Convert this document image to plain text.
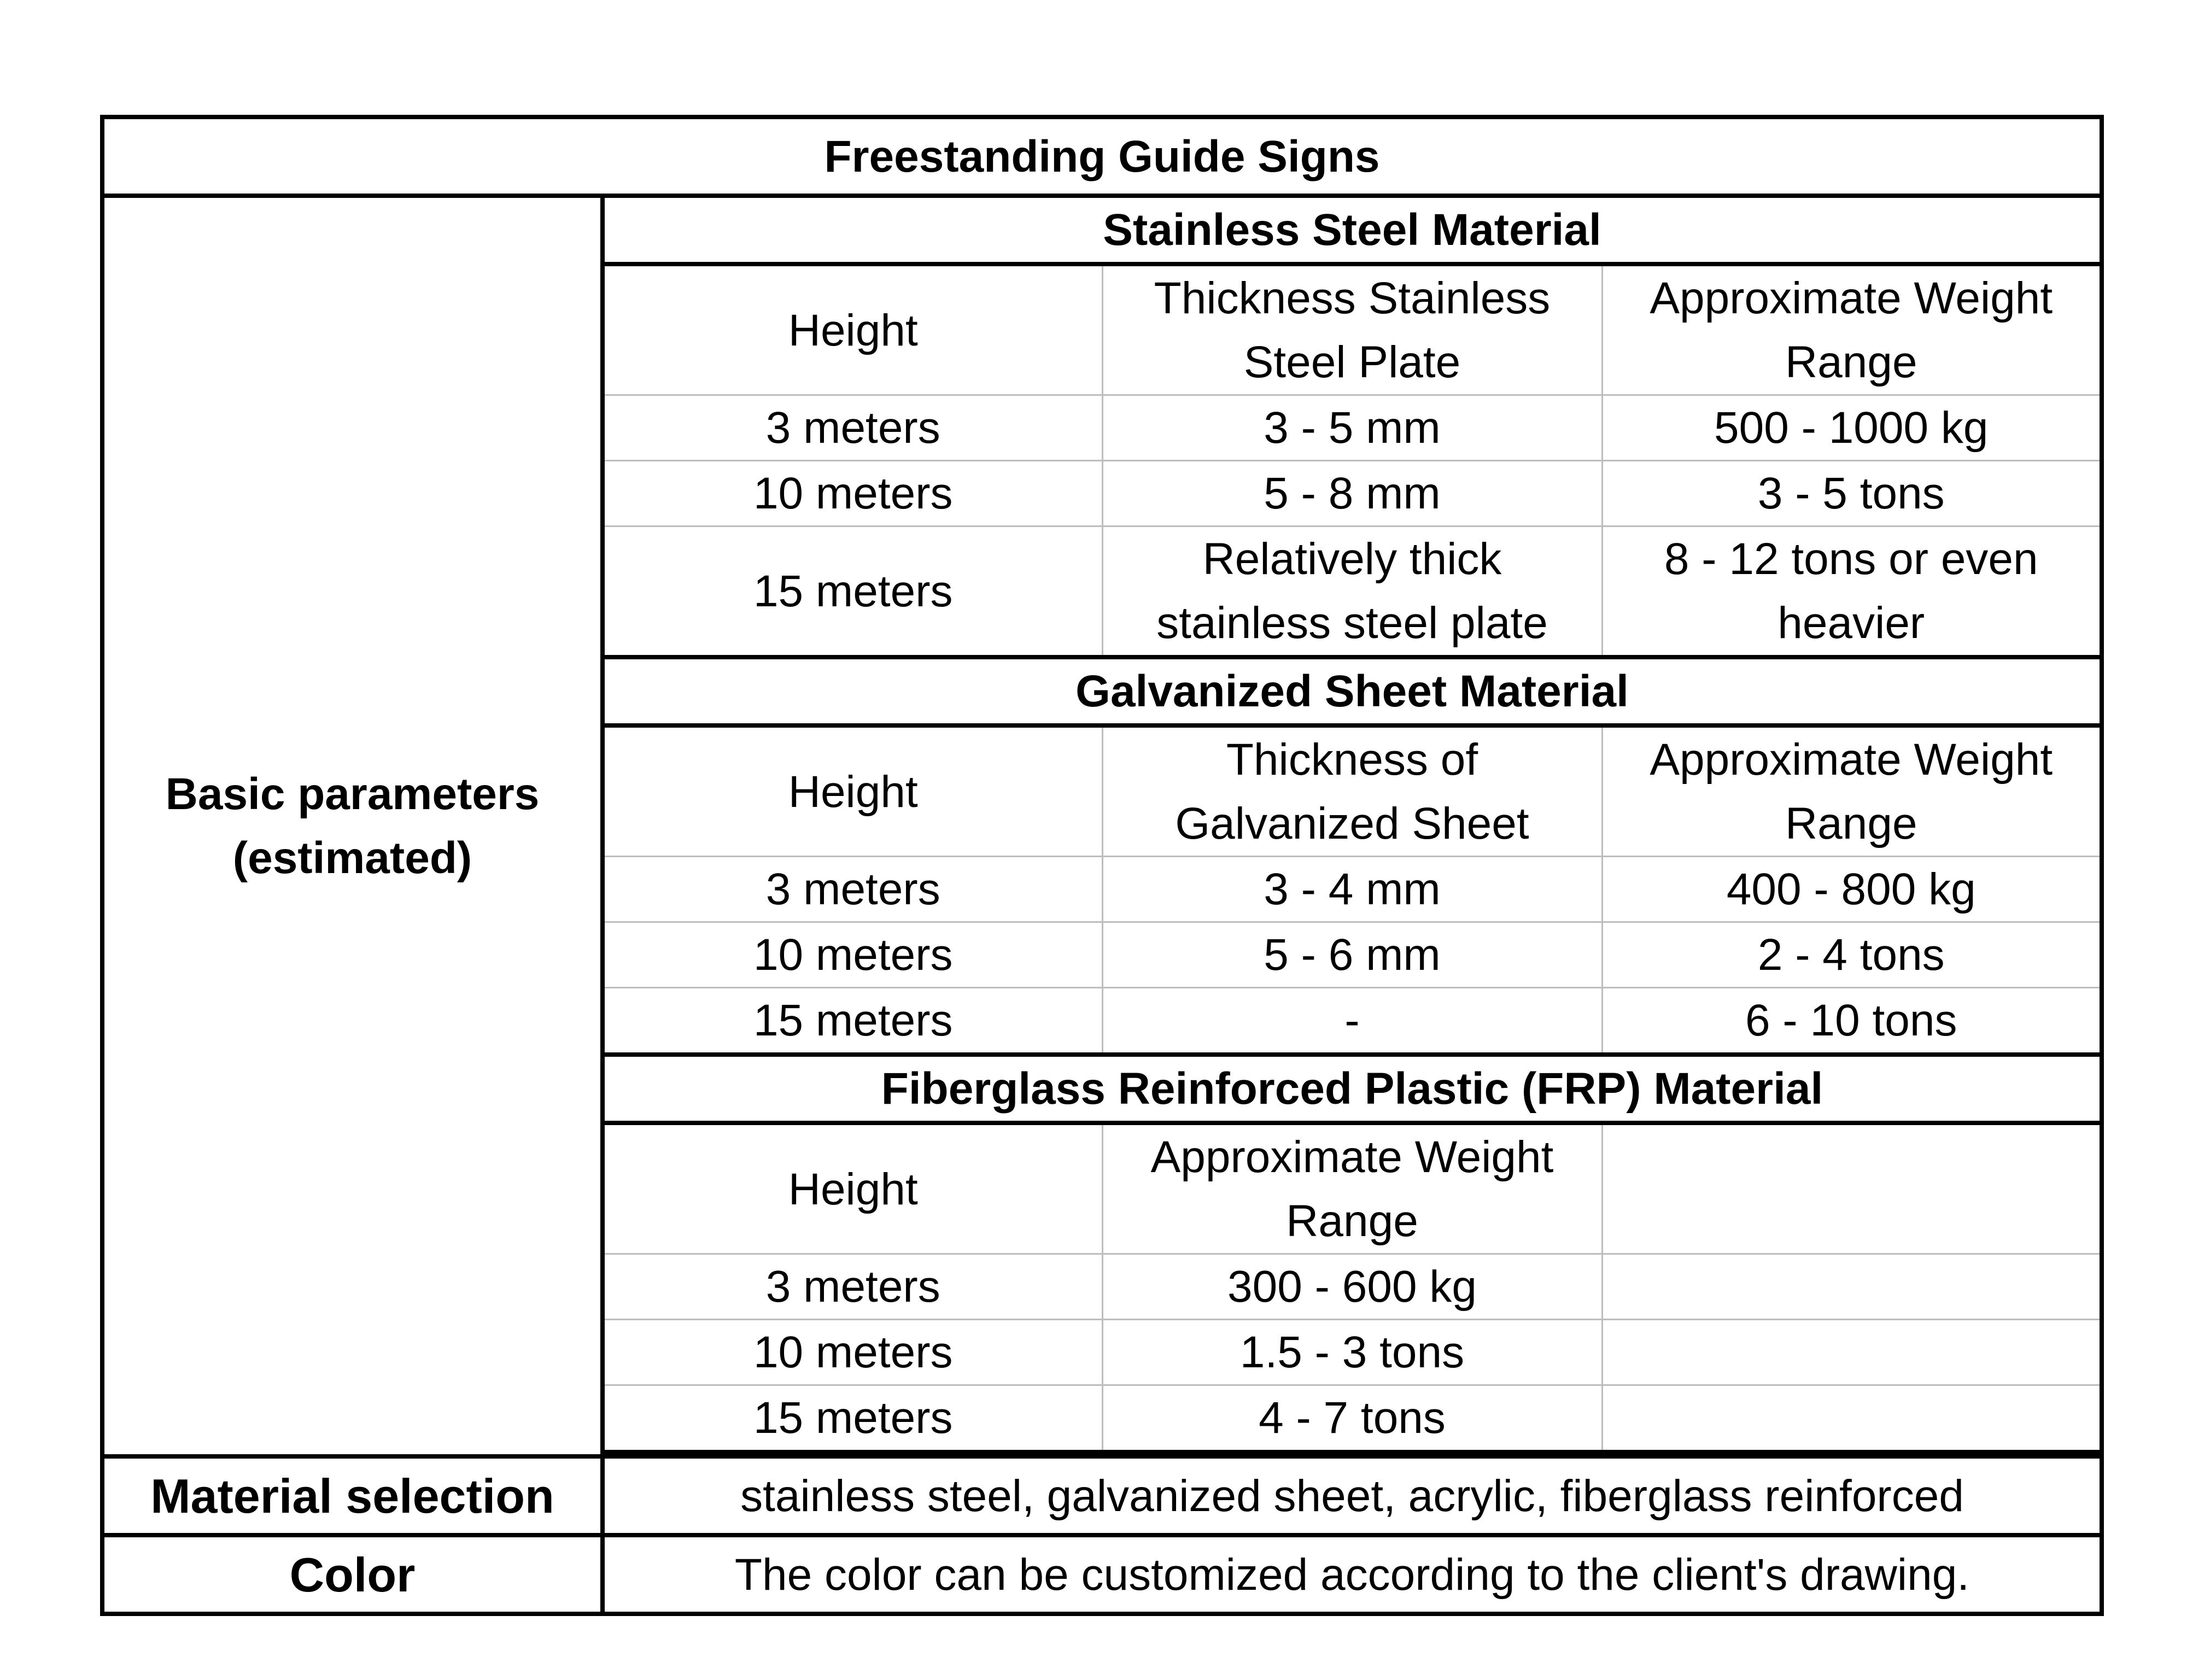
Freestanding Guide Signs			
Basic parameters (estimated)	Stainless Steel Material		
	Height	Thickness Stainless Steel Plate	Approximate Weight Range
	3 meters	3 - 5 mm	500 - 1000 kg
	10 meters	5 - 8 mm	3 - 5 tons
	15 meters	Relatively thick stainless steel plate	8 - 12 tons or even heavier
	Galvanized Sheet Material		
	Height	Thickness of Galvanized Sheet	Approximate Weight Range
	3 meters	3 - 4 mm	400 - 800 kg
	10 meters	5 - 6 mm	2 - 4 tons
	15 meters	-	6 - 10 tons
	Fiberglass Reinforced Plastic (FRP) Material		
	Height	Approximate Weight Range	
	3 meters	300 - 600 kg	
	10 meters	1.5 - 3 tons	
	15 meters	4 - 7 tons	

Material selection	stainless steel, galvanized sheet, acrylic, fiberglass reinforced		
Color	The color can be customized according to the client's drawing.		
